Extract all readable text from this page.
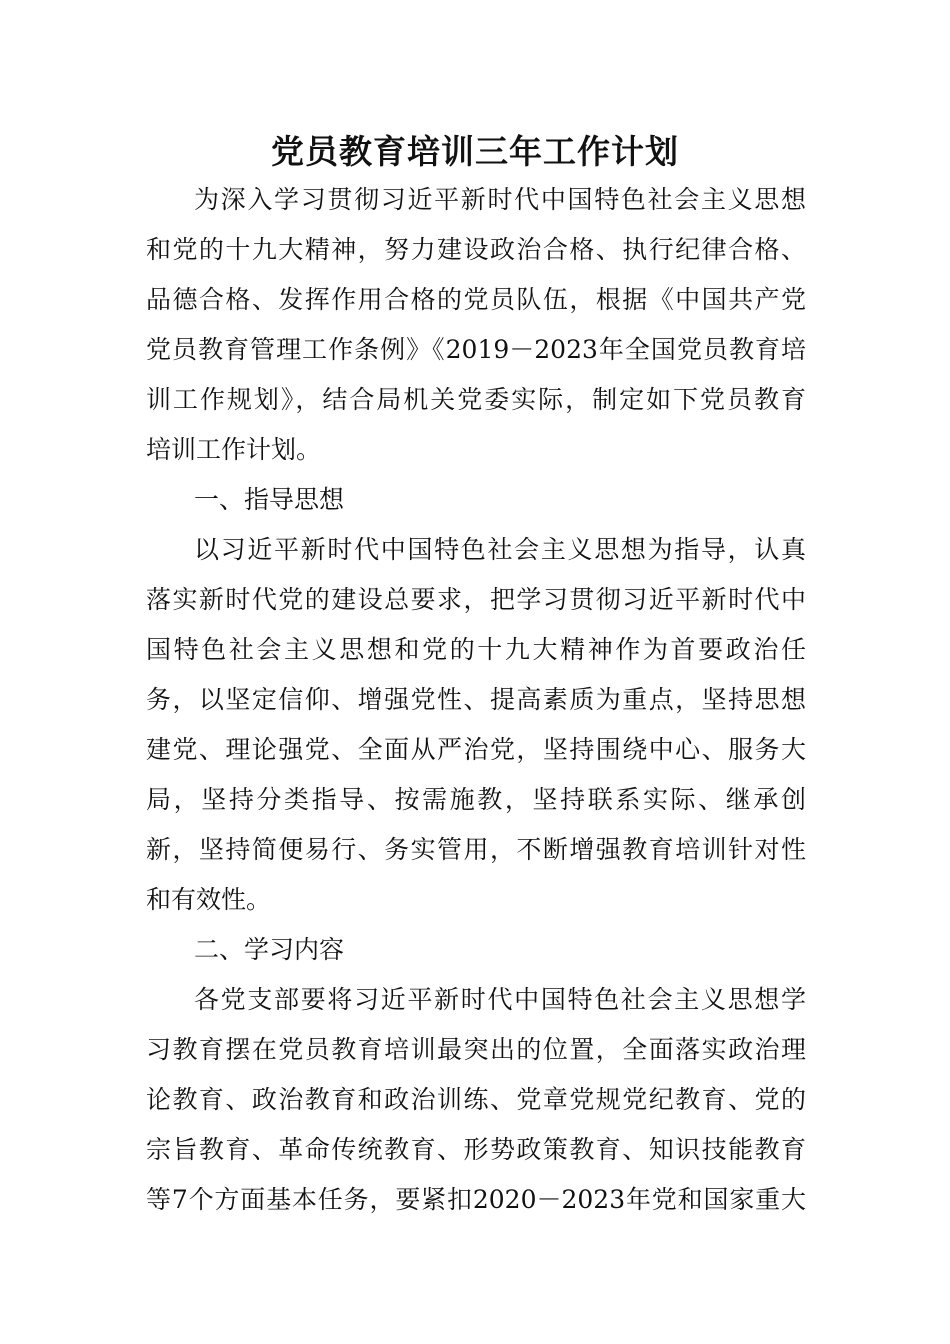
党员教育培训三年工作计划
为深入学习贯彻习近平新时代中国特色社会主义思想
和党的十九大精神，努力建设政治合格、执行纪律合格、
品德合格、发挥作用合格的党员队伍，根据《中国共产党
党员教育管理工作条例》《2019－2023年全国党员教育培
训工作规划》，结合局机关党委实际，制定如下党员教育
培训工作计划。
一、指导思想
以习近平新时代中国特色社会主义思想为指导，认真
落实新时代党的建设总要求，把学习贯彻习近平新时代中
国特色社会主义思想和党的十九大精神作为首要政治任
务，以坚定信仰、增强党性、提高素质为重点，坚持思想
建党、理论强党、全面从严治党，坚持围绕中心、服务大
局，坚持分类指导、按需施教，坚持联系实际、继承创
新，坚持简便易行、务实管用，不断增强教育培训针对性
和有效性。
二、学习内容
各党支部要将习近平新时代中国特色社会主义思想学
习教育摆在党员教育培训最突出的位置，全面落实政治理
论教育、政治教育和政治训练、党章党规党纪教育、党的
宗旨教育、革命传统教育、形势政策教育、知识技能教育
等7个方面基本任务，要紧扣2020－2023年党和国家重大
